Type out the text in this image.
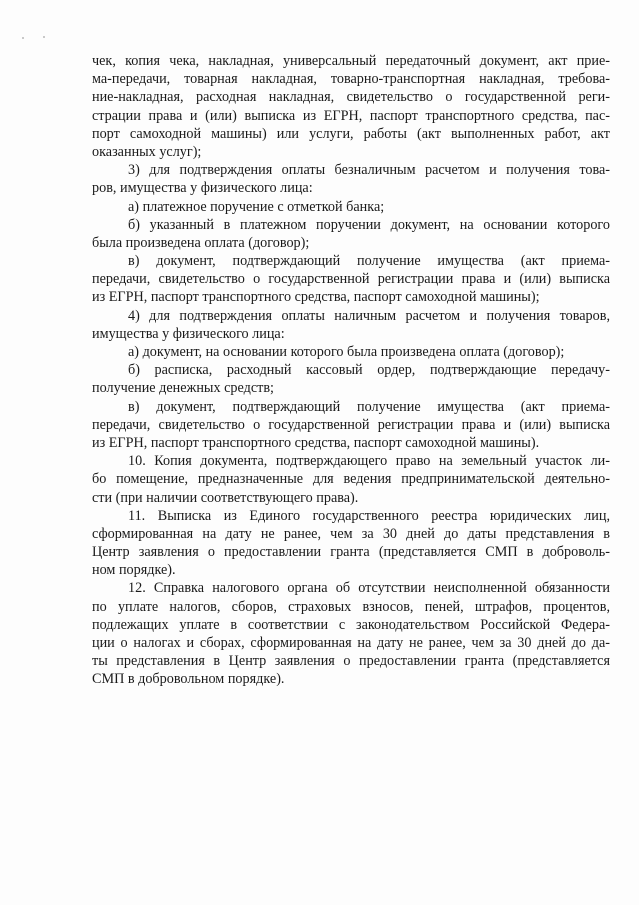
чек, копия чека, накладная, универсальный передаточный документ, акт прие-
ма-передачи, товарная накладная, товарно-транспортная накладная, требова-
ние-накладная, расходная накладная, свидетельство о государственной реги-
страции права и (или) выписка из ЕГРН, паспорт транспортного средства, пас-
порт самоходной машины) или услуги, работы (акт выполненных работ, акт
оказанных услуг);
3) для подтверждения оплаты безналичным расчетом и получения това-
ров, имущества у физического лица:
а) платежное поручение с отметкой банка;
б) указанный в платежном поручении документ, на основании которого
была произведена оплата (договор);
в) документ, подтверждающий получение имущества (акт приема-
передачи, свидетельство о государственной регистрации права и (или) выписка
из ЕГРН, паспорт транспортного средства, паспорт самоходной машины);
4) для подтверждения оплаты наличным расчетом и получения товаров,
имущества у физического лица:
а) документ, на основании которого была произведена оплата (договор);
б) расписка, расходный кассовый ордер, подтверждающие передачу-
получение денежных средств;
в) документ, подтверждающий получение имущества (акт приема-
передачи, свидетельство о государственной регистрации права и (или) выписка
из ЕГРН, паспорт транспортного средства, паспорт самоходной машины).
10. Копия документа, подтверждающего право на земельный участок ли-
бо помещение, предназначенные для ведения предпринимательской деятельно-
сти (при наличии соответствующего права).
11. Выписка из Единого государственного реестра юридических лиц,
сформированная на дату не ранее, чем за 30 дней до даты представления в
Центр заявления о предоставлении гранта (представляется СМП в доброволь-
ном порядке).
12. Справка налогового органа об отсутствии неисполненной обязанности
по уплате налогов, сборов, страховых взносов, пеней, штрафов, процентов,
подлежащих уплате в соответствии с законодательством Российской Федера-
ции о налогах и сборах, сформированная на дату не ранее, чем за 30 дней до да-
ты представления в Центр заявления о предоставлении гранта (представляется
СМП в добровольном порядке).
